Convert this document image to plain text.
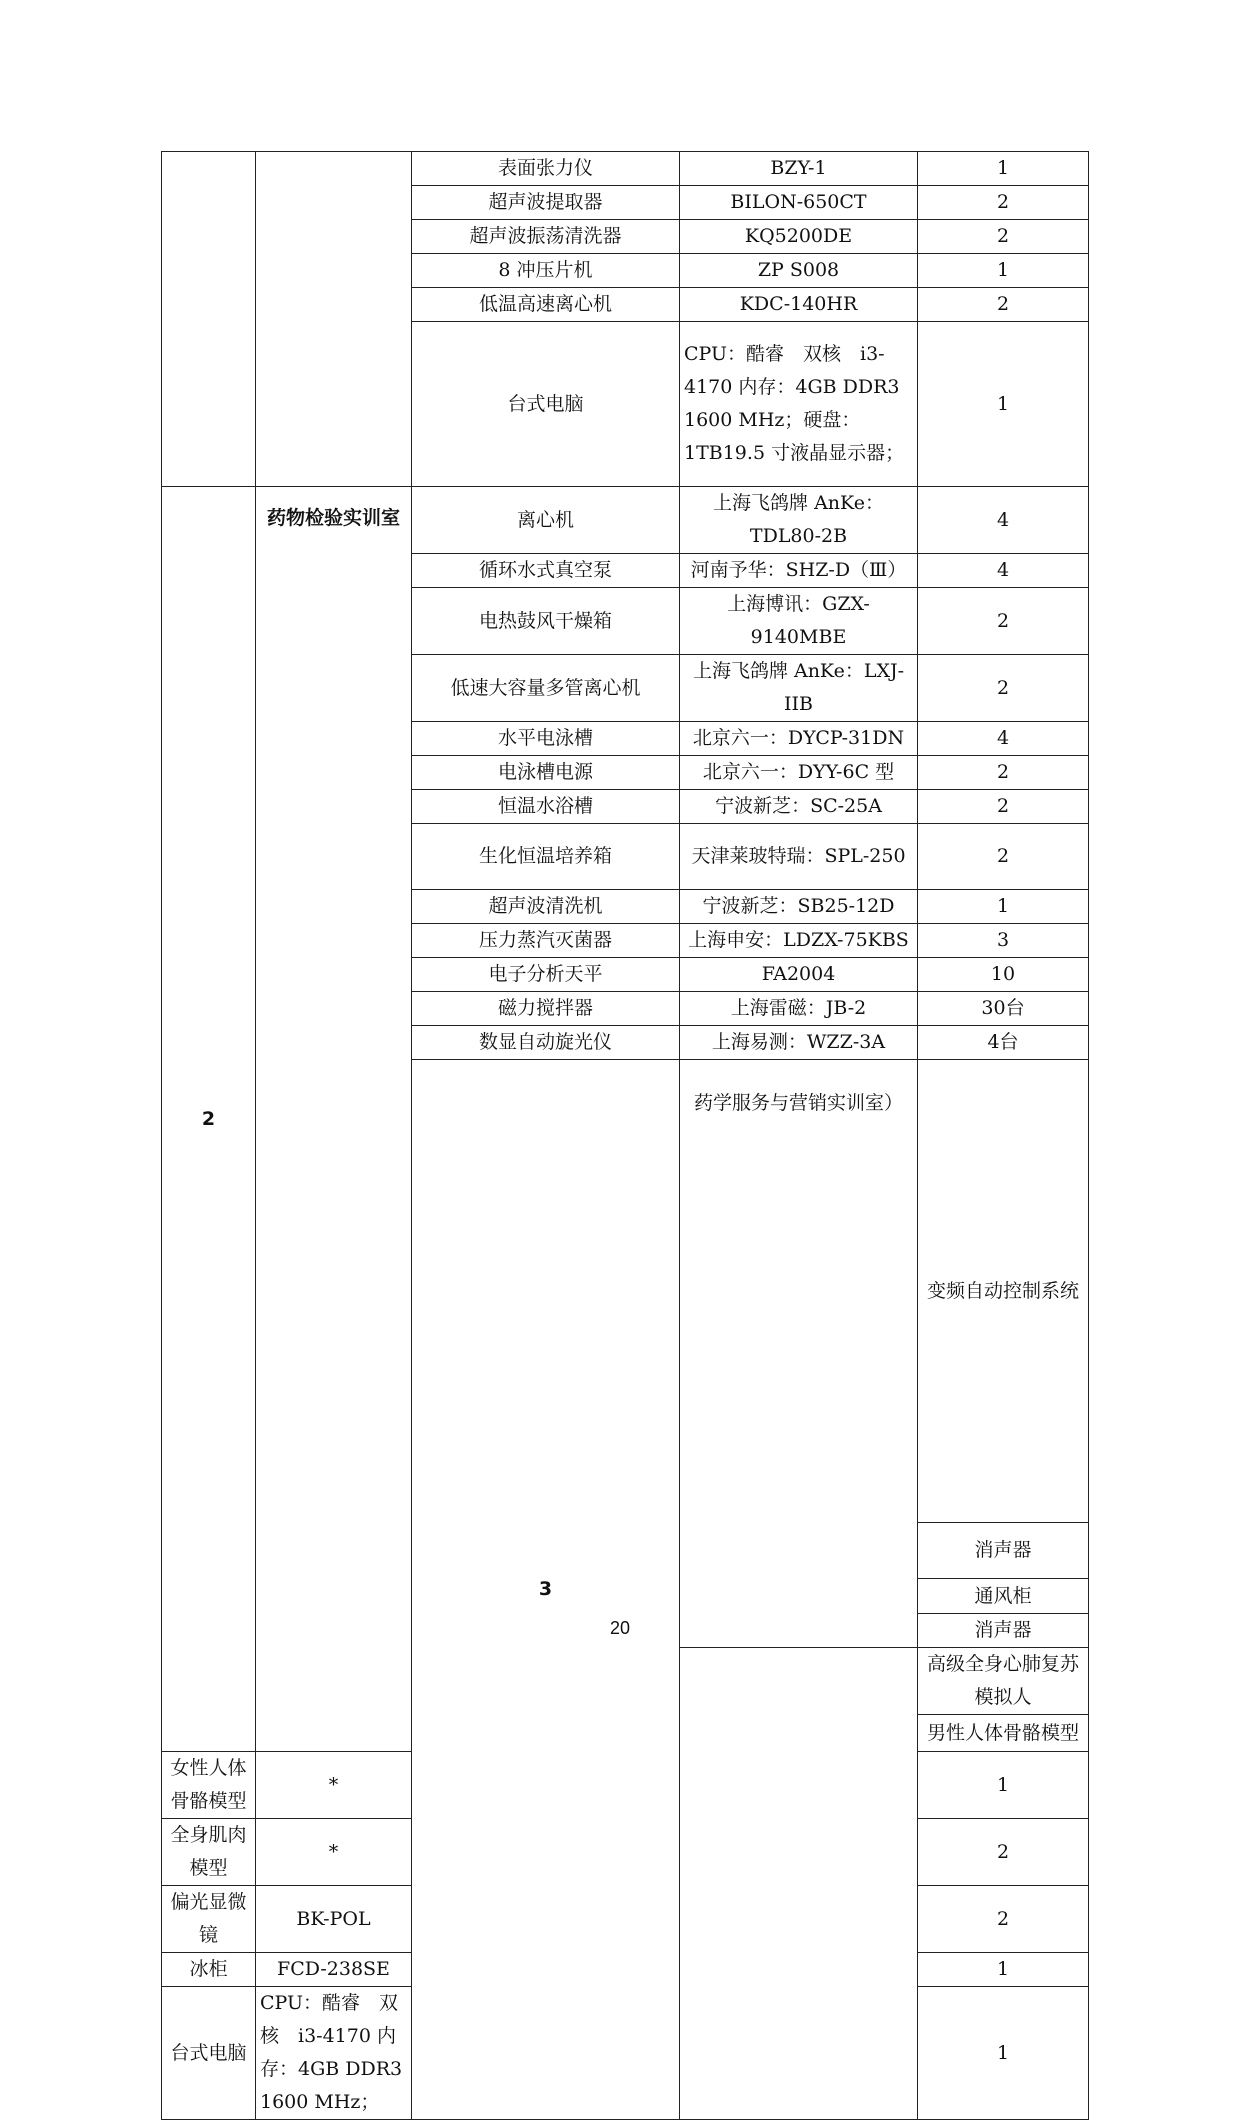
		表面张力仪	BZY-1	1	
		超声波提取器	BILON-650CT	2	
		超声波振荡清洗器	KQ5200DE	2	
		8 冲压片机	ZP S008	1	
		低温高速离心机	KDC-140HR	2	
		台式电脑	CPU：酷睿　双核　i3-4170 内存：4GB DDR3 1600 MHz；硬盘：1TB19.5 寸液晶显示器；	1	
2	药物检验实训室	离心机	上海飞鸽牌 AnKe：TDL80-2B	4	
		循环水式真空泵	河南予华：SHZ-D（Ⅲ）	4	
		电热鼓风干燥箱	上海博讯：GZX-9140MBE	2	
		低速大容量多管离心机	上海飞鸽牌 AnKe：LXJ-IIB	2	
		水平电泳槽	北京六一：DYCP-31DN	4	
		电泳槽电源	北京六一：DYY-6C 型	2	
		恒温水浴槽	宁波新芝：SC-25A	2	
		生化恒温培养箱	天津莱玻特瑞：SPL-250	2	
		超声波清洗机	宁波新芝：SB25-12D	1	
		压力蒸汽灭菌器	上海申安：LDZX-75KBS	3	
		电子分析天平	FA2004	10	
		磁力搅拌器	上海雷磁：JB-2	30台	
		数显自动旋光仪	上海易测：WZZ-3A	4台	
		3	药学服务与营销实训室）	变频自动控制系统		
				消声器		
				通风柜		
				消声器		
				高级全身心肺复苏模拟人		
				男性人体骨骼模型		
女性人体骨骼模型	*			1	
全身肌肉模型	*			2	
偏光显微镜	BK-POL			2	
冰柜	FCD-238SE			1	
台式电脑	CPU：酷睿　双核　i3-4170 内存：4GB DDR3 1600 MHz；			1	
20
